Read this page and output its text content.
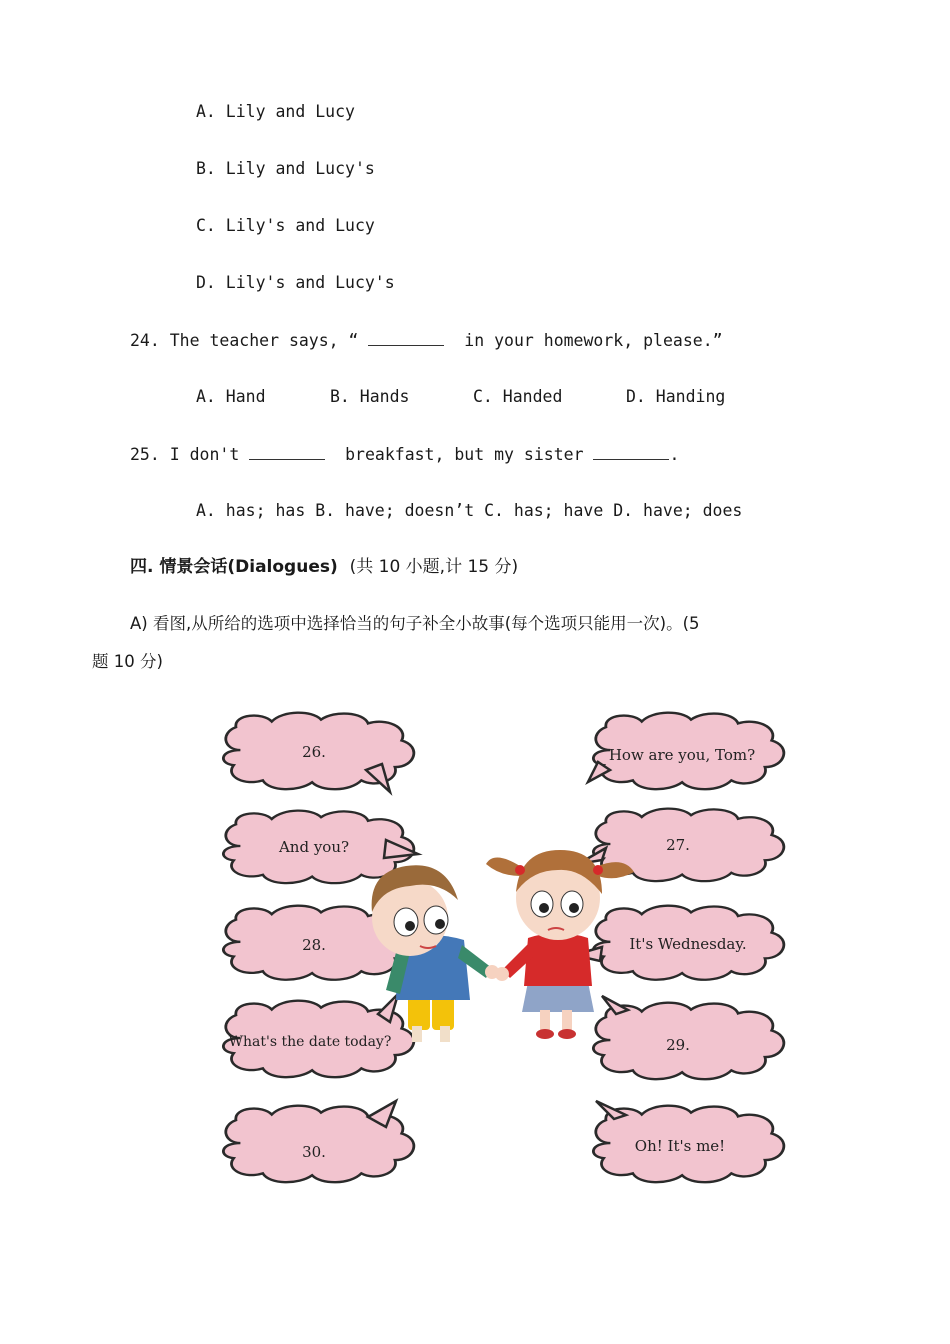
A. Lily and Lucy
B. Lily and Lucy's
C. Lily's and Lucy
D. Lily's and Lucy's
24. The teacher says, “	in your homework, please.”
A. Hand	B. Hands	C. Handed	D. Handing
25. I don't	breakfast, but my sister	.
A. has; has B. have; doesn’t C. has; have D. have; does
四. 情景会话(Dialogues) (共 10 小题,计 15 分)
A) 看图,从所给的选项中选择恰当的句子补全小故事(每个选项只能用一次)。(5
题 10 分)
26.
And you?
28.
What's the date today?
30.
How are you, Tom?
27.
It's Wednesday.
29.
Oh! It's me!
